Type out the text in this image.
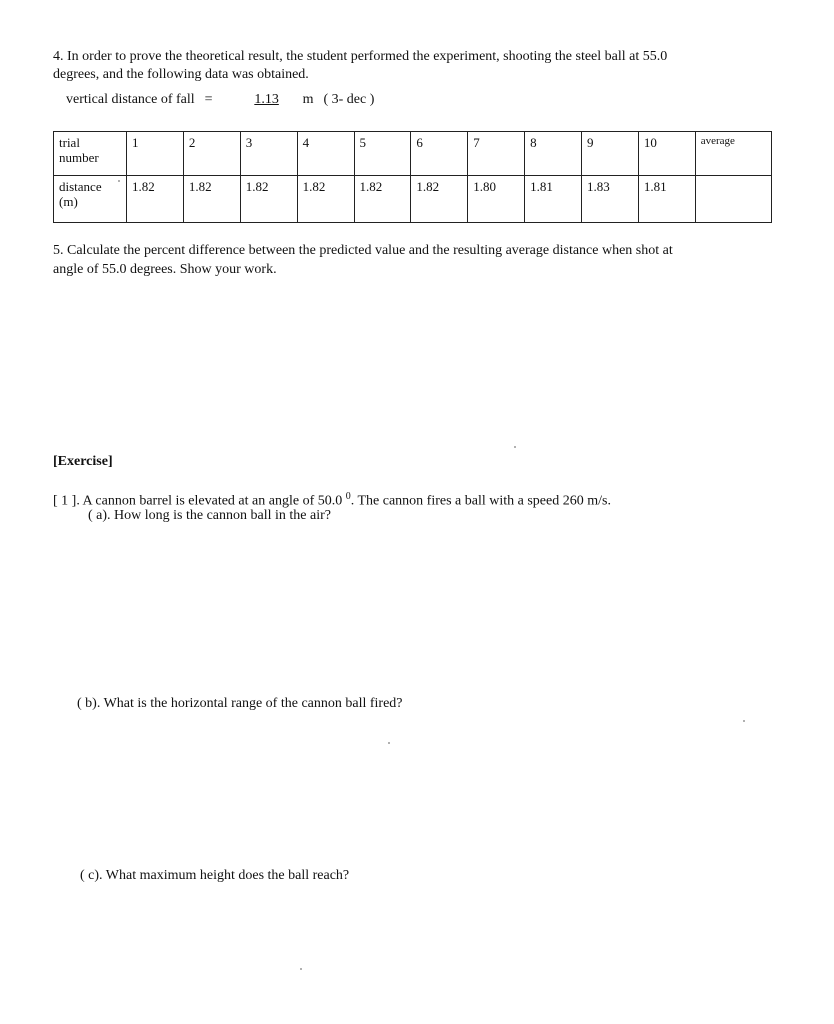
4. In order to prove the theoretical result, the student performed the experiment, shooting the steel ball at 55.0
degrees, and the following data was obtained.
vertical distance of fall =	1.13 m ( 3- dec )
trial
number	1	2	3	4	5	6	7	8	9	10	average
distance
(m)	1.82	1.82	1.82	1.82	1.82	1.82	1.80	1.81	1.83	1.81	
5. Calculate the percent difference between the predicted value and the resulting average distance when shot at
angle of 55.0 degrees. Show your work.
[Exercise]
[ 1 ]. A cannon barrel is elevated at an angle of 50.0 $^0$. The cannon fires a ball with a speed 260 m/s.
( a). How long is the cannon ball in the air?
( b). What is the horizontal range of the cannon ball fired?
( c). What maximum height does the ball reach?
